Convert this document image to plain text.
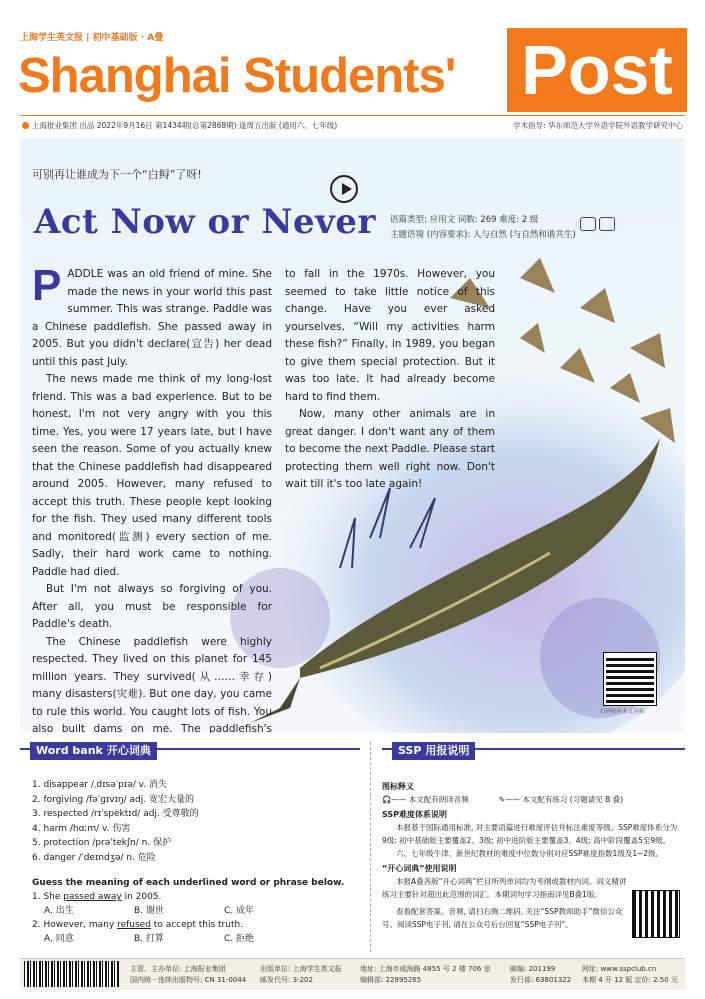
上海学生英文报 | 初中基础版 · A叠
Shanghai Students' Post
上海报业集团 出品 2022年9月16日 第1434期(总第2868期)·逢周五出版 (通用六、七年级)	学术指导: 华东师范大学外语学院外语教学研究中心
可别再让谁成为下一个“白鲟”了呀!
Act Now or Never 语篇类型: 应用文 词数: 269 难度: 2 级
主题语境 (内容要求): 人与自然 (与自然和谐共生)
P ADDLE was an old friend of mine. She made the news in your world this past summer. This was strange. Paddle was a Chinese paddlefish. She passed away in 2005. But you didn't declare(宣告) her dead until this past July.

The news made me think of my long-lost friend. This was a bad experience. But to be honest, I'm not very angry with you this time. Yes, you were 17 years late, but I have seen the reason. Some of you actually knew that the Chinese paddlefish had disappeared around 2005. However, many refused to accept this truth. These people kept looking for the fish. They used many different tools and monitored(监测) every section of me. Sadly, their hard work came to nothing. Paddle had died.

But I'm not always so forgiving of you. After all, you must be responsible for Paddle's death.

The Chinese paddlefish were highly respected. They lived on this planet for 145 million years. They survived(从……幸存) many disasters(灾难). But one day, you came to rule this world. You caught lots of fish. You also built dams on me. The paddlefish's

to fall in the 1970s. However, you seemed to take little notice of this change. Have you ever asked yourselves, “Will my activities harm these fish?” Finally, in 1989, you began to give them special protection. But it was too late. It had already become hard to find them.

Now, many other animals are in great danger. I don't want any of them to become the next Paddle. Please start protecting them well right now. Don't wait till it's too late again!

扫码收听本文音频
Word bank 开心词典
1. disappear /ˌdɪsəˈpɪə/ v. 消失
2. forgiving /fəˈɡɪvɪŋ/ adj. 宽宏大量的
3. respected /rɪˈspektɪd/ adj. 受尊敬的
4. harm /hɑːm/ v. 伤害
5. protection /prəˈtekʃn/ n. 保护
6. danger /ˈdeɪndʒə/ n. 危险
Guess the meaning of each underlined word or phrase below.
1. She passed away in 2005.
A. 出生	B. 谢世	C. 成年
2. However, many refused to accept this truth.
A. 同意	B. 打算	C. 拒绝
SSP 用报说明
图标释义
🎧—— 本文配有朗读音频	✎—— 本文配有练习 (习题请见 B 叠)
SSP难度体系说明
本报基于国际通用标准, 对主要语篇进行难度评估并标注难度等级。SSP难度体系分为9级: 初中基础版主要覆盖2、3级; 初中进阶版主要覆盖3、4级; 高中阶段覆盖5至9级。
六、七年级牛津、新世纪教材的难度中位数分别对应SSP难度指数1级及1~2级。
“开心词典”使用说明
本报A叠各版“开心词典”栏目所列单词均为考纲或教材内词。词义精讲练习主要针对超出此范围的词汇。本期词句学习指南详见B叠1版。
查看配套答案、音频, 请扫右侧二维码, 关注“SSP教师助手”微信公众号。阅读SSP电子刊, 请在公众号后台回复“SSP电子刊”。
主管、主办单位: 上海报业集团
国内统一连续出版物号: CN 31-0044
出版单位: 上海学生英文报
邮发代号: 3-202
地址: 上海市威海路 4855 号 2 楼 706 室
编辑部: 22895265
邮编: 201199
发行部: 63801322
网址: www.sspclub.cn
本期 4 开 12 版 定价: 2.50 元
